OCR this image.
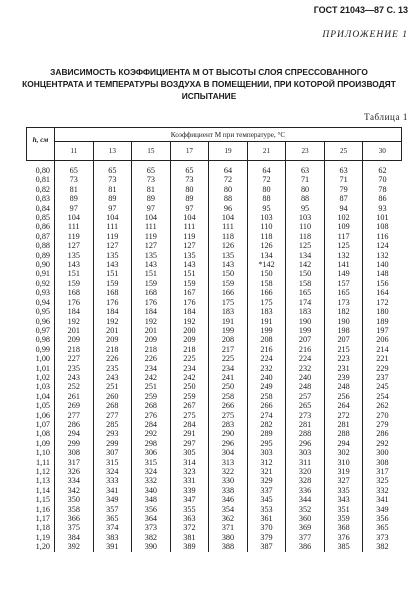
ГОСТ 21043—87 С. 13
ПРИЛОЖЕНИЕ 1
ЗАВИСИМОСТЬ КОЭФФИЦИЕНТА М ОТ ВЫСОТЫ СЛОЯ СПРЕССОВАННОГО КОНЦЕНТРАТА И ТЕМПЕРАТУРЫ ВОЗДУХА В ПОМЕЩЕНИИ, ПРИ КОТОРОЙ ПРОИЗВОДЯТ ИСПЫТАНИЕ
Таблица 1
h, см	Коэффициент М при температуре, °С								
	11	13	15	17	19	21	23	25	30
0,80	65	65	65	65	64	64	63	63	62
0,81	73	73	73	73	72	72	71	71	70
0,82	81	81	81	80	80	80	80	79	78
0,83	89	89	89	89	88	88	88	87	86
0,84	97	97	97	97	96	95	95	94	93
0,85	104	104	104	104	104	103	103	102	101
0,86	111	111	111	111	111	110	110	109	108
0,87	119	119	119	119	118	118	118	117	116
0,88	127	127	127	127	126	126	125	125	124
0,89	135	135	135	135	135	134	134	132	132
0,90	143	143	143	143	143	*142	142	141	140
0,91	151	151	151	151	150	150	150	149	148
0,92	159	159	159	159	159	158	158	157	156
0,93	168	168	168	167	166	166	165	165	164
0,94	176	176	176	176	175	175	174	173	172
0,95	184	184	184	184	183	183	183	182	180
0,96	192	192	192	192	191	191	190	190	189
0,97	201	201	201	200	199	199	199	198	197
0,98	209	209	209	209	208	208	207	207	206
0,99	218	218	218	218	217	216	216	215	214
1,00	227	226	226	225	225	224	224	223	221
1,01	235	235	234	234	234	232	232	231	229
1,02	243	243	242	242	241	240	240	239	237
1,03	252	251	251	250	250	249	248	248	245
1,04	261	260	259	259	258	258	257	256	254
1,05	269	268	268	267	266	266	265	264	262
1,06	277	277	276	275	275	274	273	272	270
1,07	286	285	284	284	283	282	281	281	279
1,08	294	293	292	291	290	289	288	288	286
1,09	299	299	298	297	296	295	296	294	292
1,10	308	307	306	305	304	303	303	302	300
1,11	317	315	315	314	313	312	311	310	308
1,12	326	324	324	323	322	321	320	319	317
1,13	334	333	332	331	330	329	328	327	325
1,14	342	341	340	339	338	337	336	335	332
1,15	350	349	348	347	346	345	344	343	341
1,16	358	357	356	355	354	353	352	351	349
1,17	366	365	364	363	362	361	360	359	356
1,18	375	374	373	372	371	370	369	368	365
1,19	384	383	382	381	380	379	377	376	373
1,20	392	391	390	389	388	387	386	385	382
